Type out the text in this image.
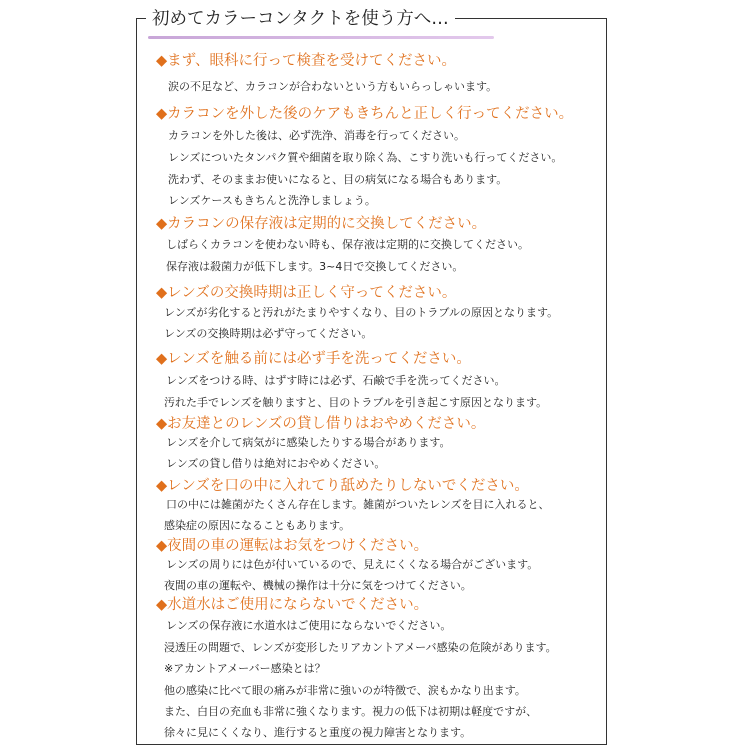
初めてカラーコンタクトを使う方へ…
◆まず、眼科に行って検査を受けてください。
涙の不足など、カラコンが合わないという方もいらっしゃいます。
◆カラコンを外した後のケアもきちんと正しく行ってください。
カラコンを外した後は、必ず洗浄、消毒を行ってください。
レンズについたタンパク質や細菌を取り除く為、こすり洗いも行ってください。
洗わず、そのままお使いになると、目の病気になる場合もあります。
レンズケースもきちんと洗浄しましょう。
◆カラコンの保存液は定期的に交換してください。
しばらくカラコンを使わない時も、保存液は定期的に交換してください。
保存液は殺菌力が低下します。3~4日で交換してください。
◆レンズの交換時期は正しく守ってください。
レンズが劣化すると汚れがたまりやすくなり、目のトラブルの原因となります。
レンズの交換時期は必ず守ってください。
◆レンズを触る前には必ず手を洗ってください。
レンズをつける時、はずす時には必ず、石鹸で手を洗ってください。
汚れた手でレンズを触りますと、目のトラブルを引き起こす原因となります。
◆お友達とのレンズの貸し借りはおやめください。
レンズを介して病気がに感染したりする場合があります。
レンズの貸し借りは絶対におやめください。
◆レンズを口の中に入れてり舐めたりしないでください。
口の中には雑菌がたくさん存在します。雑菌がついたレンズを目に入れると、
感染症の原因になることもあります。
◆夜間の車の運転はお気をつけください。
レンズの周りには色が付いているので、見えにくくなる場合がございます。
夜間の車の運転や、機械の操作は十分に気をつけてください。
◆水道水はご使用にならないでください。
レンズの保存液に水道水はご使用にならないでください。
浸透圧の問題で、レンズが変形したリアカントアメーバ感染の危険があります。
※アカントアメーバー感染とは？
他の感染に比べて眼の痛みが非常に強いのが特徴で、涙もかなり出ます。
また、白目の充血も非常に強くなります。視力の低下は初期は軽度ですが、
徐々に見にくくなり、進行すると重度の視力障害となります。
